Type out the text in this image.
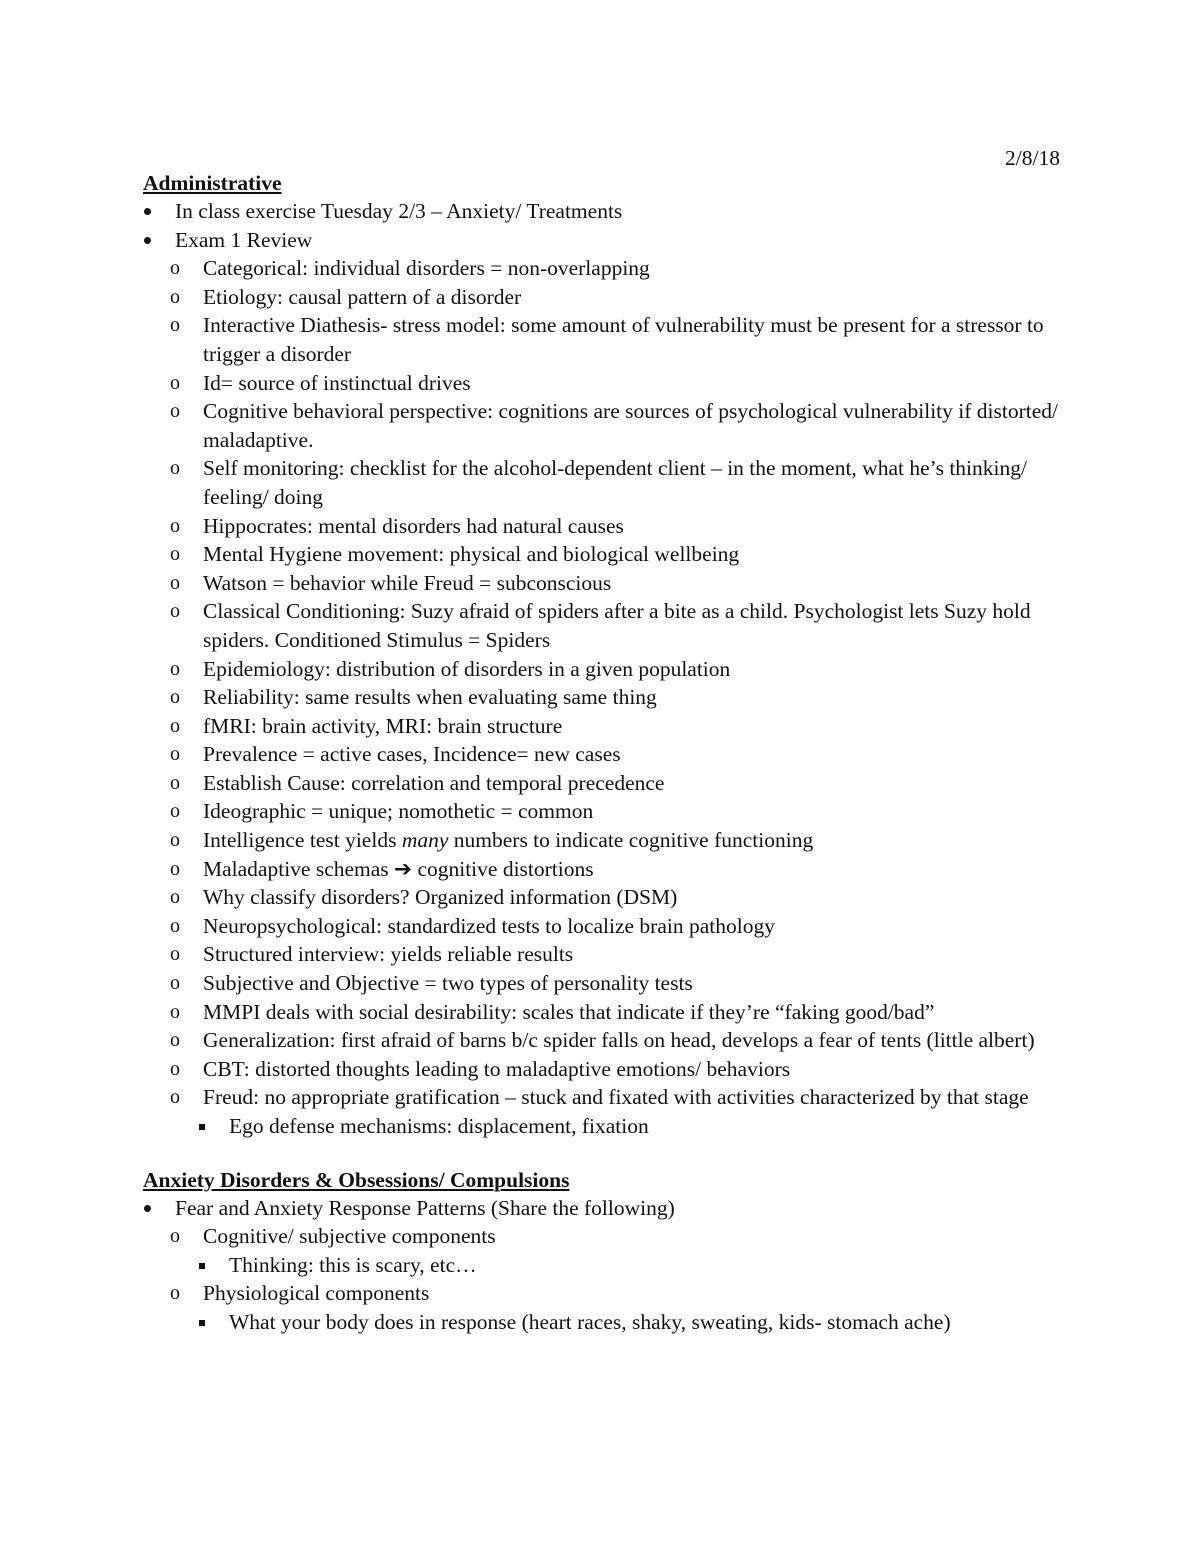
2/8/18

Administrative

In class exercise Tuesday 2/3 – Anxiety/ Treatments
Exam 1 Review
o Categorical: individual disorders = non-overlapping
o Etiology: causal pattern of a disorder
o Interactive Diathesis- stress model: some amount of vulnerability must be present for a stressor to trigger a disorder
o Id= source of instinctual drives
o Cognitive behavioral perspective: cognitions are sources of psychological vulnerability if distorted/ maladaptive.
o Self monitoring: checklist for the alcohol-dependent client – in the moment, what he’s thinking/ feeling/ doing
o Hippocrates: mental disorders had natural causes
o Mental Hygiene movement: physical and biological wellbeing
o Watson = behavior while Freud = subconscious
o Classical Conditioning: Suzy afraid of spiders after a bite as a child. Psychologist lets Suzy hold spiders. Conditioned Stimulus = Spiders
o Epidemiology: distribution of disorders in a given population
o Reliability: same results when evaluating same thing
o fMRI: brain activity, MRI: brain structure
o Prevalence = active cases, Incidence= new cases
o Establish Cause: correlation and temporal precedence
o Ideographic = unique; nomothetic = common
o Intelligence test yields many numbers to indicate cognitive functioning
o Maladaptive schemas ➔ cognitive distortions
o Why classify disorders? Organized information (DSM)
o Neuropsychological: standardized tests to localize brain pathology
o Structured interview: yields reliable results
o Subjective and Objective = two types of personality tests
o MMPI deals with social desirability: scales that indicate if they’re “faking good/bad”
o Generalization: first afraid of barns b/c spider falls on head, develops a fear of tents (little albert)
o CBT: distorted thoughts leading to maladaptive emotions/ behaviors
o Freud: no appropriate gratification – stuck and fixated with activities characterized by that stage
Ego defense mechanisms: displacement, fixation

Anxiety Disorders & Obsessions/ Compulsions

Fear and Anxiety Response Patterns (Share the following)
o Cognitive/ subjective components
Thinking: this is scary, etc…
o Physiological components
What your body does in response (heart races, shaky, sweating, kids- stomach ache)
